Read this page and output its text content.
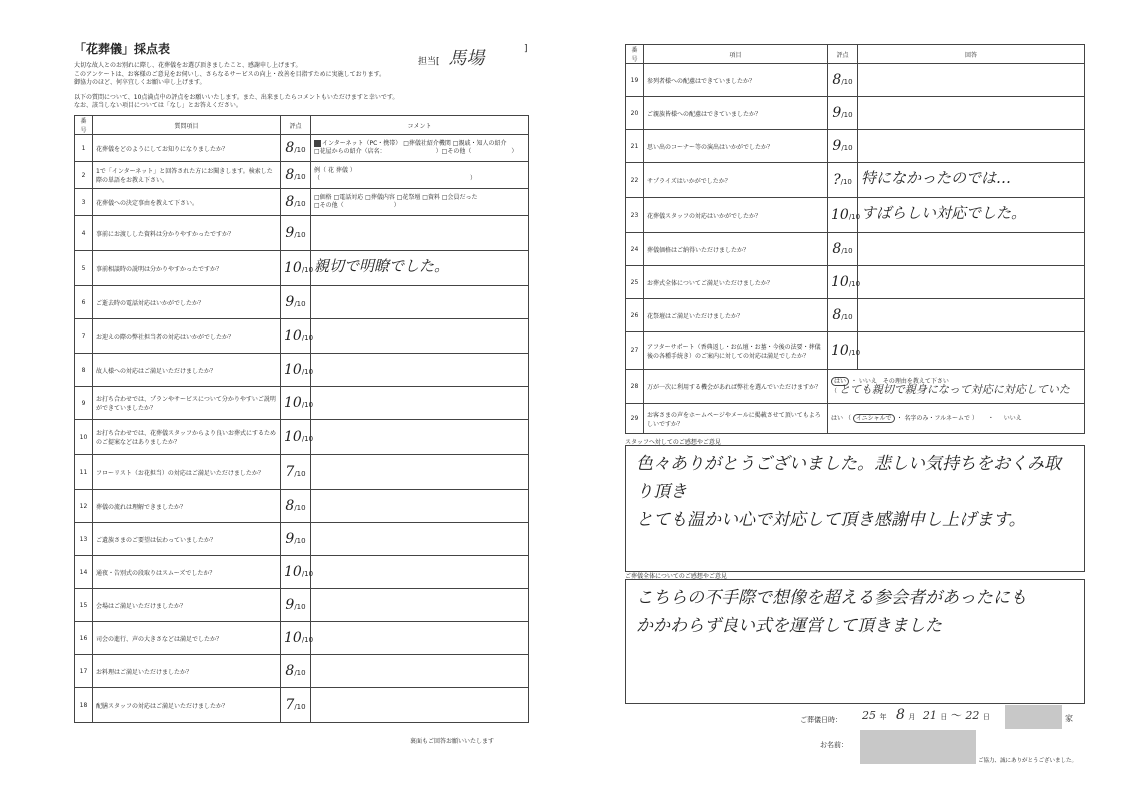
「花葬儀」採点表
担当[ 馬場	]

大切な故人とのお別れに際し、花葬儀をお選び頂きましたこと、感謝申し上げます。

このアンケートは、お客様のご意見をお伺いし、さらなるサービスの向上・改善を目指すために実施しております。

御協力のほど、何卒宜しくお願い申し上げます。

以下の質問について、10点満点中の評点をお願いいたします。また、出来ましたらコメントもいただけますと幸いです。

なお、該当しない項目については「なし」とお答えください。

番号	質問項目	評点	コメント
1	花葬儀をどのようにしてお知りになりましたか？	8/10	インターネット（PC・携帯） □葬儀社紹介機関 □親戚・知人の紹介
□花屋からの紹介（店名： ）□その他（ ）

2	1で「インターネット」と回答された方にお聞きします。検索した際の単語をお教え下さい。	8/10	例（ 花 葬儀 ）
（ ）

3	花葬儀への決定事由を教えて下さい。	8/10	□価格 □電話対応 □葬儀内容 □花祭壇 □資料 □会員だった
□その他（ ）

4	事前にお渡しした資料は分かりやすかったですか？	9/10	
5	事前相談時の説明は分かりやすかったですか？	10/10	親切で明瞭でした。
6	ご逝去時の電話対応はいかがでしたか？	9/10	
7	お迎えの際の弊社担当者の対応はいかがでしたか？	10/10	
8	故人様への対応はご満足いただけましたか？	10/10	
9	お打ち合わせでは、プランやサービスについて分かりやすいご説明ができていましたか？	10/10	
10	お打ち合わせでは、花葬儀スタッフからより良いお葬式にするためのご提案などはありましたか？	10/10	
11	フローリスト（お花担当）の対応はご満足いただけましたか？	7/10	
12	葬儀の流れは理解できましたか？	8/10	
13	ご遺族さまのご要望は伝わっていましたか？	9/10	
14	通夜・告別式の段取りはスムーズでしたか？	10/10	
15	会場はご満足いただけましたか？	9/10	
16	司会の進行、声の大きさなどは満足でしたか？	10/10	
17	お料理はご満足いただけましたか？	8/10	
18	配膳スタッフの対応はご満足いただけましたか？	7/10	
裏面もご回答お願いいたします
番号	項目	評点	回答
19	参列者様への配慮はできていましたか？	8/10	
20	ご親族皆様への配慮はできていましたか？	9/10	
21	思い出のコーナー等の演出はいかがでしたか？	9/10	
22	サプライズはいかがでしたか？	?/10	特になかったのでは…
23	花葬儀スタッフの対応はいかがでしたか？	10/10	すばらしい対応でした。
24	葬儀価格はご納得いただけましたか？	8/10	
25	お葬式全体についてご満足いただけましたか？	10/10	
26	花祭壇はご満足いただけましたか？	8/10	
27	アフターサポート（香典返し・お仏壇・お墓・今後の法要・葬儀後の各種手続き）のご案内に対しての対応は満足でしたか？	10/10	
28	万が一次に利用する機会があれば弊社を選んでいただけますか？	はい ・ いいえ その理由を教えて下さい
（ とても親切で親身になって対応に対応していた	

29	お客さまの声をホームページやメールに掲載させて頂いてもよろしいですか？	はい （ イニシャルで ・ 名字のみ・フルネームで ） ・ いいえ	
スタッフへ対してのご感想やご意見
色々ありがとうございました。悲しい気持ちをおくみ取り頂き
とても温かい心で対応して頂き感謝申し上げます。
ご葬儀全体についてのご感想やご意見
こちらの不手際で想像を超える参会者があったにも
かかわらず良い式を運営して頂きました
ご葬儀日時： 25 年 8 月 21 日 ～ 22 日	家
お名前：
ご協力、誠にありがとうございました。
